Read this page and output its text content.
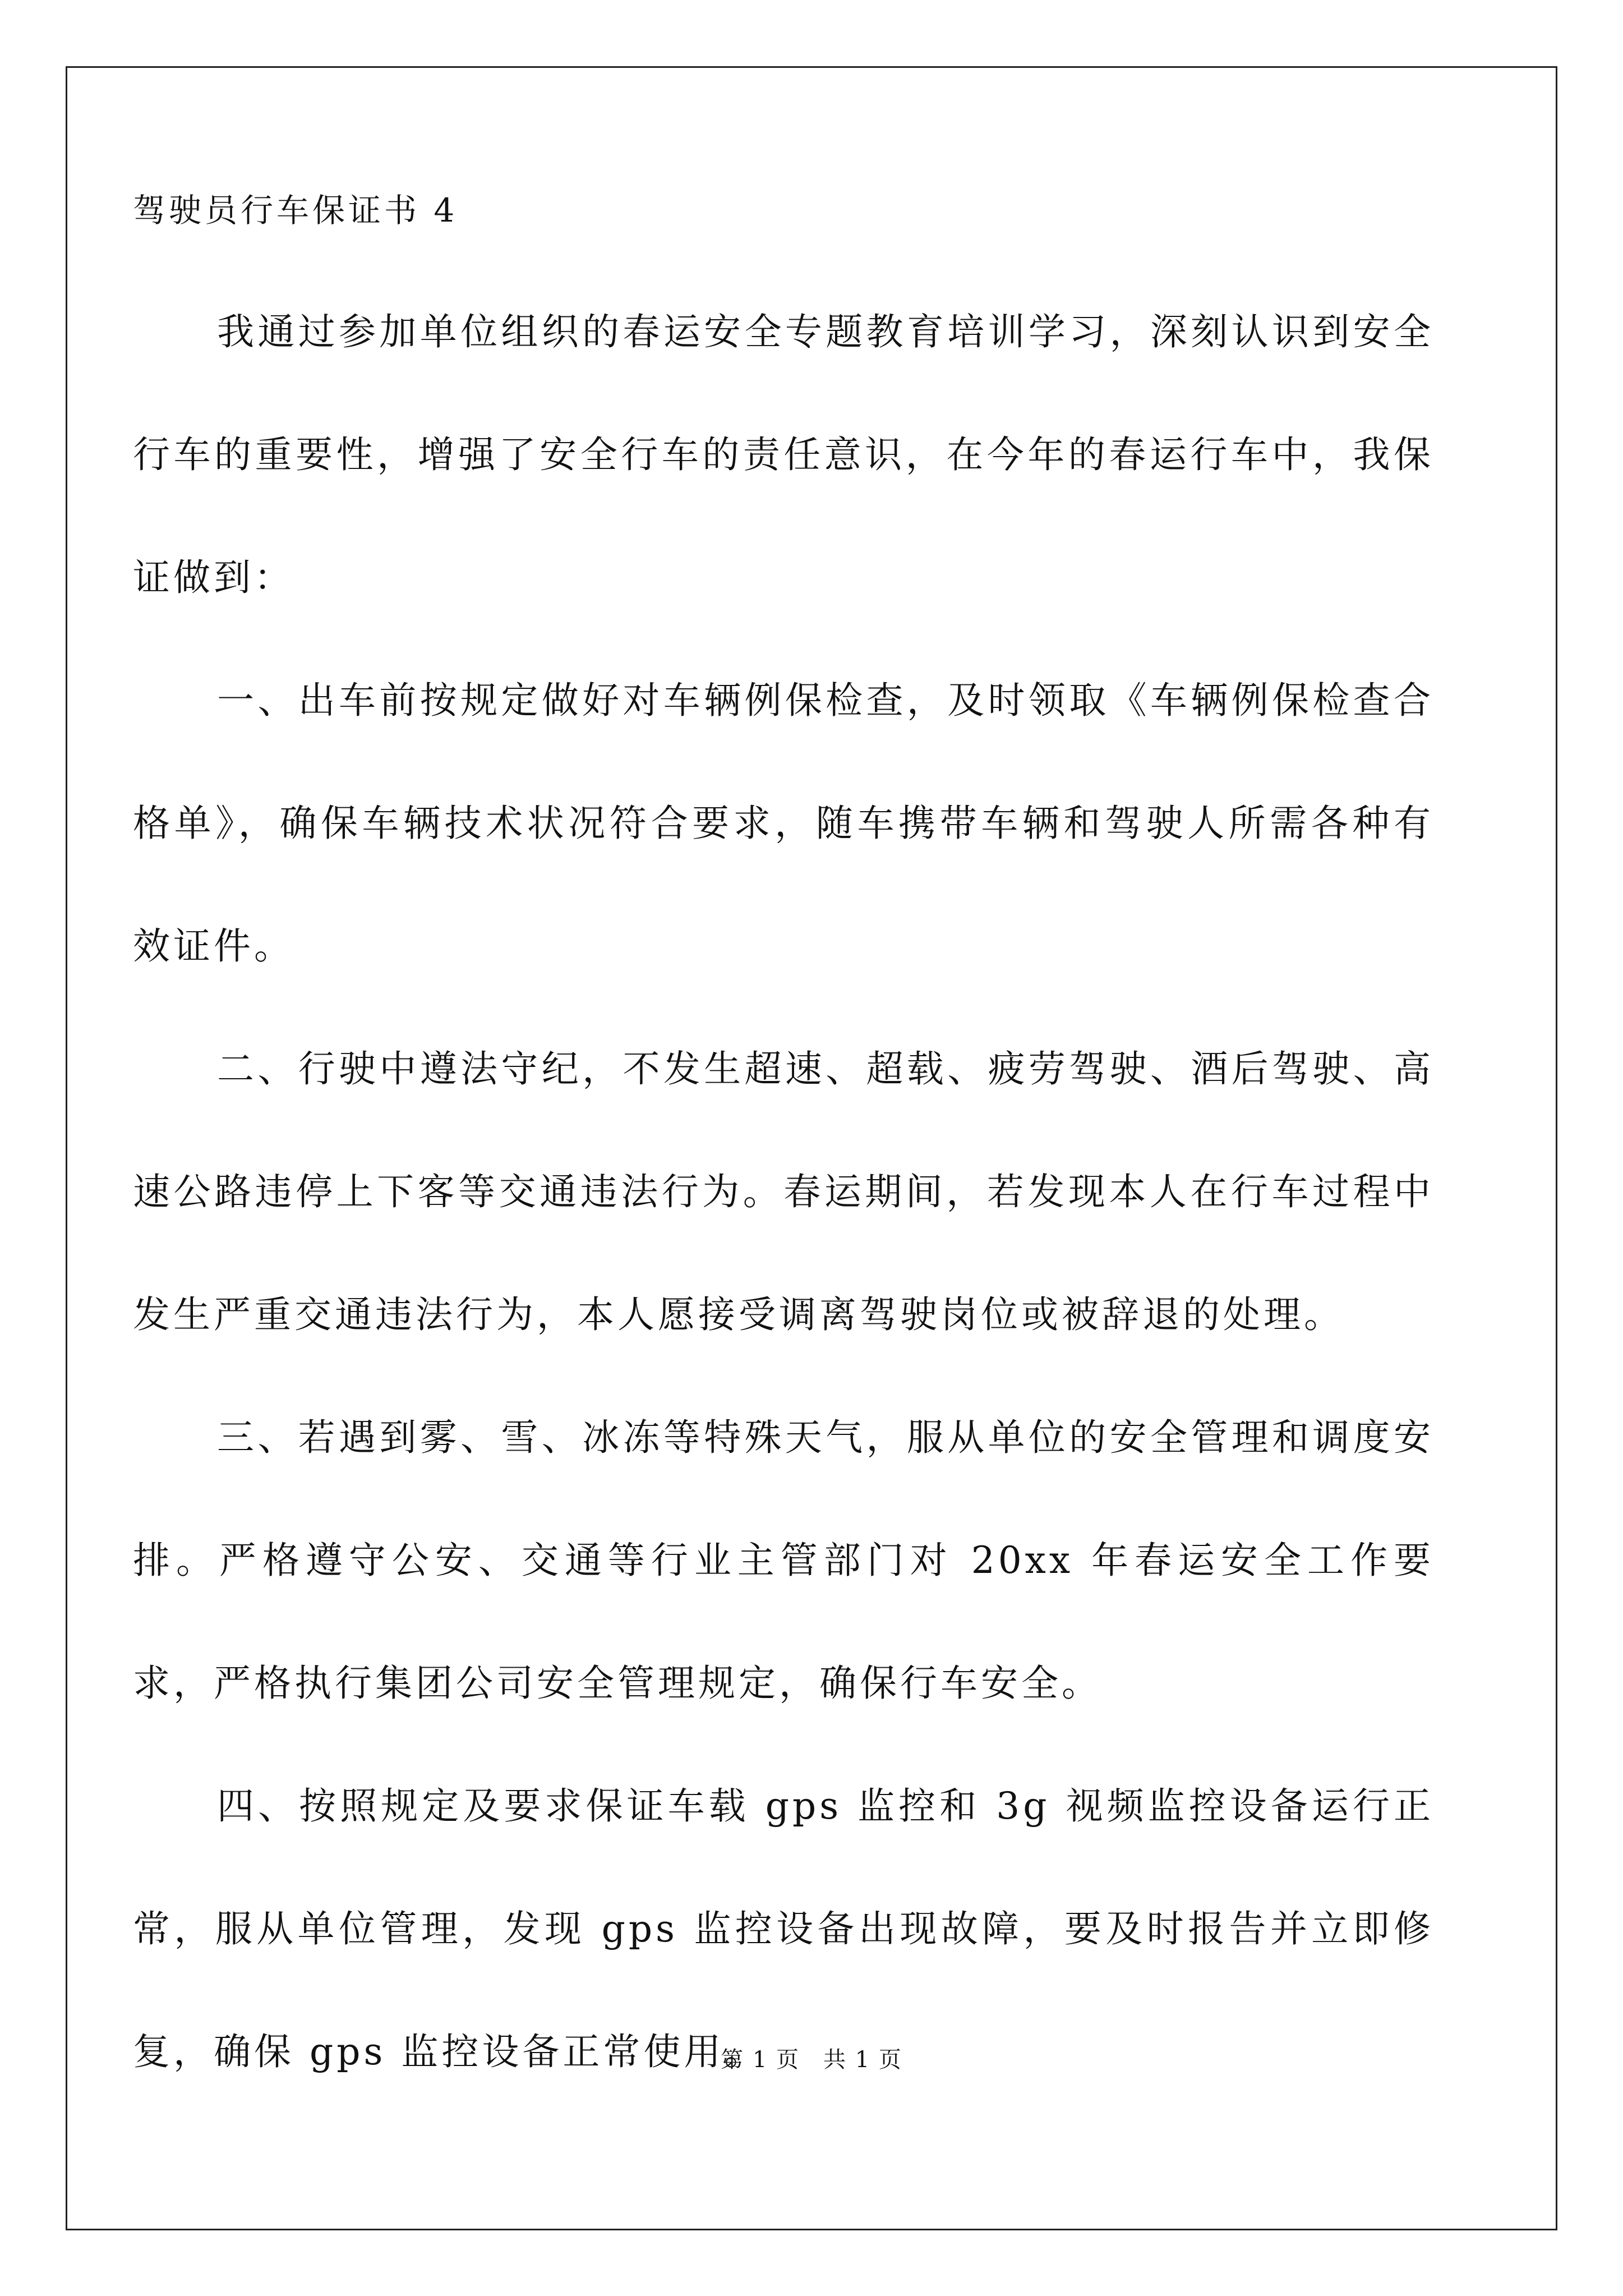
驾驶员行车保证书 4

我通过参加单位组织的春运安全专题教育培训学习，深刻认识到安全行车的重要性，增强了安全行车的责任意识，在今年的春运行车中，我保证做到：

一、出车前按规定做好对车辆例保检查，及时领取《车辆例保检查合格单》，确保车辆技术状况符合要求，随车携带车辆和驾驶人所需各种有效证件。

二、行驶中遵法守纪，不发生超速、超载、疲劳驾驶、酒后驾驶、高速公路违停上下客等交通违法行为。春运期间，若发现本人在行车过程中发生严重交通违法行为，本人愿接受调离驾驶岗位或被辞退的处理。

三、若遇到雾、雪、冰冻等特殊天气，服从单位的安全管理和调度安排。严格遵守公安、交通等行业主管部门对 20xx 年春运安全工作要求，严格执行集团公司安全管理规定，确保行车安全。

四、按照规定及要求保证车载 gps 监控和 3g 视频监控设备运行正常，服从单位管理，发现 gps 监控设备出现故障，要及时报告并立即修复，确保 gps 监控设备正常使用。

第 1 页　共 1 页
